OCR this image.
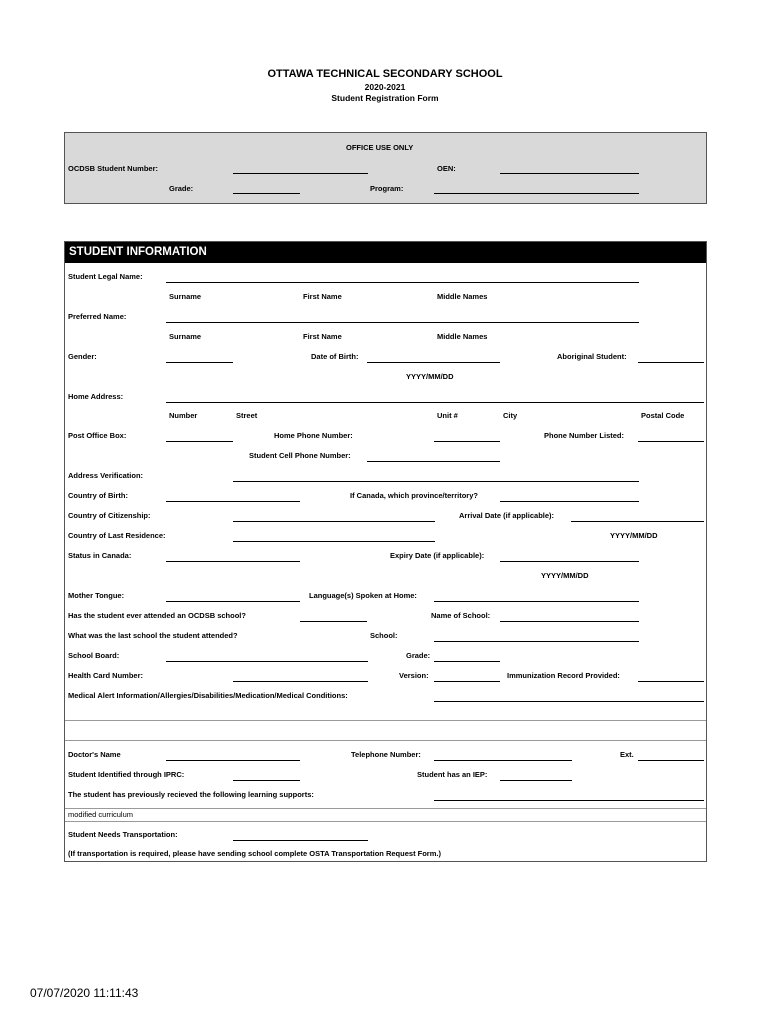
OTTAWA TECHNICAL SECONDARY SCHOOL
2020-2021
Student Registration Form
OFFICE USE ONLY
OCDSB Student Number:	OEN:
Grade:	Program:
STUDENT INFORMATION
Student Legal Name:
Surname	First Name	Middle Names
Preferred Name:
Surname	First Name	Middle Names
Gender:	Date of Birth:	Aboriginal Student:
YYYY/MM/DD
Home Address:
Number	Street	Unit #	City	Postal Code
Post Office Box:	Home Phone Number:	Phone Number Listed:
Student Cell Phone Number:
Address Verification:
Country of Birth:	If Canada, which province/territory?
Country of Citizenship:	Arrival Date (if applicable):
Country of Last Residence:	YYYY/MM/DD
Status in Canada:	Expiry Date (if applicable):
YYYY/MM/DD
Mother Tongue:	Language(s) Spoken at Home:
Has the student ever attended an OCDSB school?	Name of School:
What was the last school the student attended?	School:
School Board:	Grade:
Health Card Number:	Version:	Immunization Record Provided:
Medical Alert Information/Allergies/Disabilities/Medication/Medical Conditions:
Doctor's Name	Telephone Number:	Ext.
Student Identified through IPRC:	Student has an IEP:
The student has previously recieved the following learning supports:
modified curriculum
Student Needs Transportation:
(If transportation is required, please have sending school complete OSTA Transportation Request Form.)
07/07/2020 11:11:43
